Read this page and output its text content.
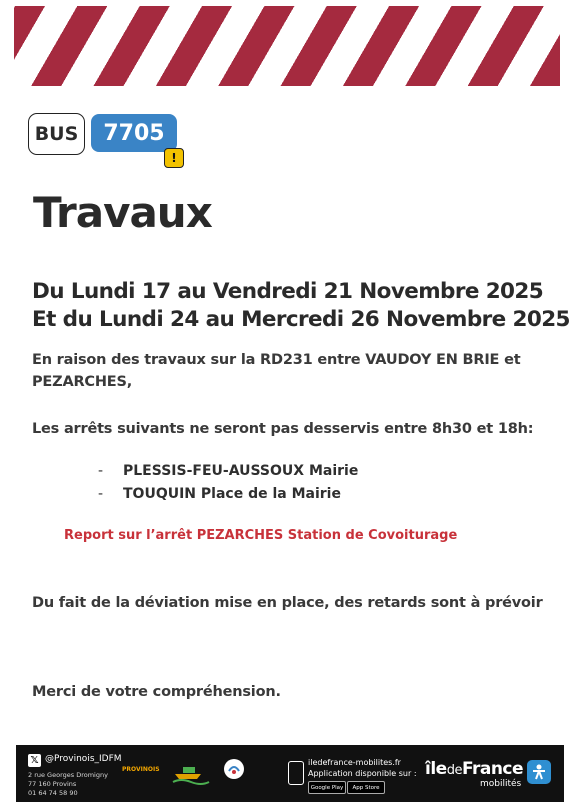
BUS	7705
!
Travaux
Du Lundi 17 au Vendredi 21 Novembre 2025
Et du Lundi 24 au Mercredi 26 Novembre 2025
En raison des travaux sur la RD231 entre VAUDOY EN BRIE et PEZARCHES,
Les arrêts suivants ne seront pas desservis entre 8h30 et 18h:
-	PLESSIS-FEU-AUSSOUX Mairie
-	TOUQUIN Place de la Mairie
Report sur l’arrêt PEZARCHES Station de Covoiturage
Du fait de la déviation mise en place, des retards sont à prévoir
Merci de votre compréhension.
𝕏 @Provinois_IDFM
2 rue Georges Dromigny
77 160 Provins
01 64 74 58 90
PROVINOIS
iledefrance-mobilites.fr
Application disponible sur :
Google Play	App Store
îledeFrance
mobilités
